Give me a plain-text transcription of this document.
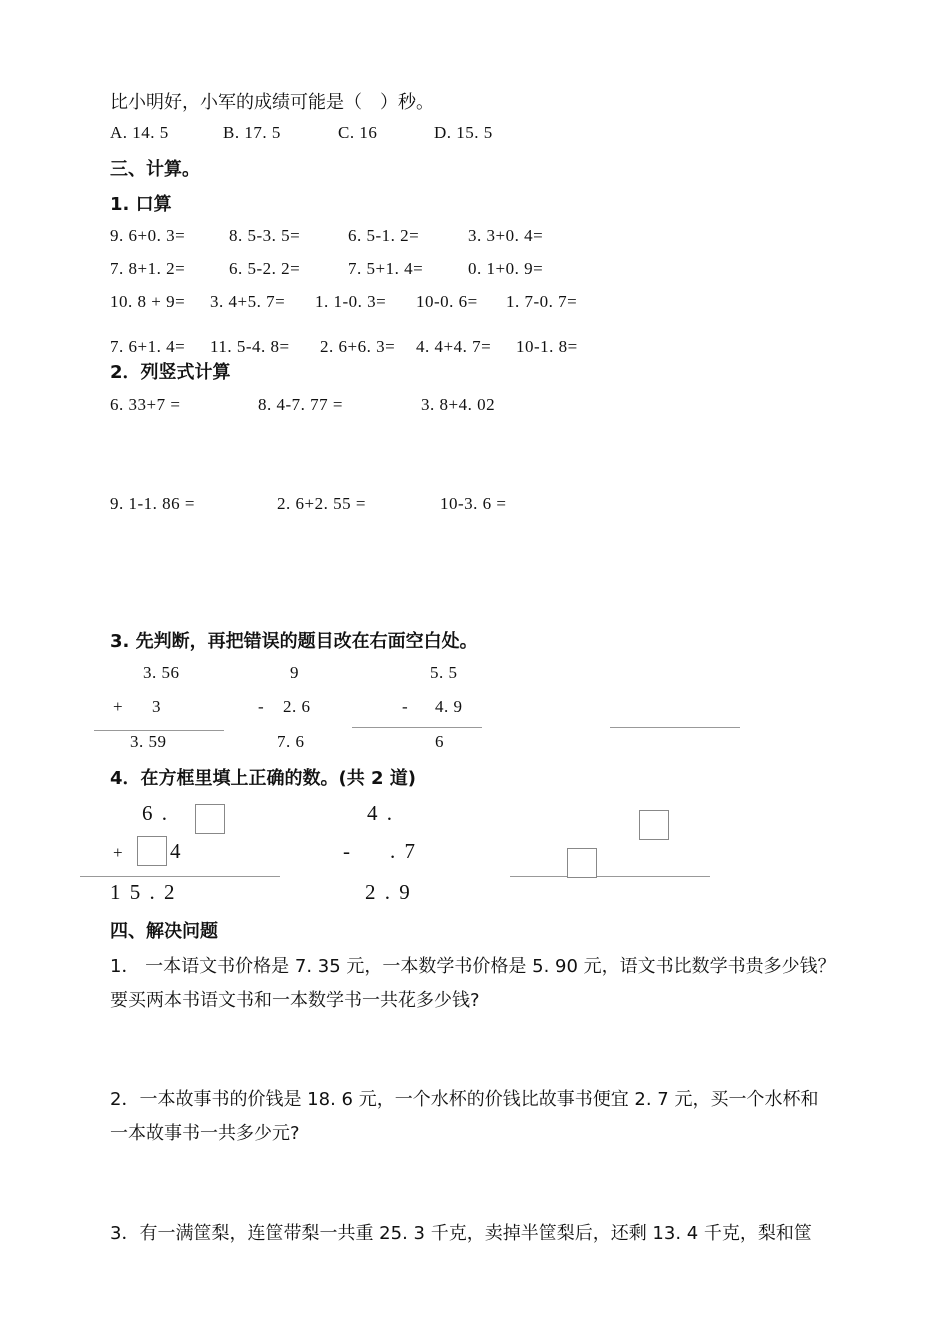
比小明好，小军的成绩可能是（　）秒。
A. 14. 5	B. 17. 5	C. 16	D. 15. 5
三、计算。
1. 口算
9. 6+0. 3=	8. 5-3. 5=	6. 5-1. 2=	3. 3+0. 4=
7. 8+1. 2=	6. 5-2. 2=	7. 5+1. 4=	0. 1+0. 9=
10. 8 + 9= 3. 4+5. 7= 1. 1-0. 3= 10-0. 6= 1. 7-0. 7=
7. 6+1. 4= 11. 5-4. 8= 2. 6+6. 3= 4. 4+4. 7= 10-1. 8=
2．列竖式计算
6. 33+7 =	8. 4-7. 77 =	3. 8+4. 02
9. 1-1. 86 =	2. 6+2. 55 =	10-3. 6 =
3. 先判断，再把错误的题目改在右面空白处。
3. 56
+ 3
3. 59
9
- 2. 6
7. 6
5. 5
- 4. 9
6
4．在方框里填上正确的数。(共 2 道)
6 .
+ 4
1 5 . 2
4 .
- . 7
2 . 9
四、解决问题
1． 一本语文书价格是 7. 35 元，一本数学书价格是 5. 90 元，语文书比数学书贵多少钱？
要买两本书语文书和一本数学书一共花多少钱?
2．一本故事书的价钱是 18. 6 元，一个水杯的价钱比故事书便宜 2. 7 元，买一个水杯和
一本故事书一共多少元?
3．有一满筐梨，连筐带梨一共重 25. 3 千克，卖掉半筐梨后，还剩 13. 4 千克，梨和筐
